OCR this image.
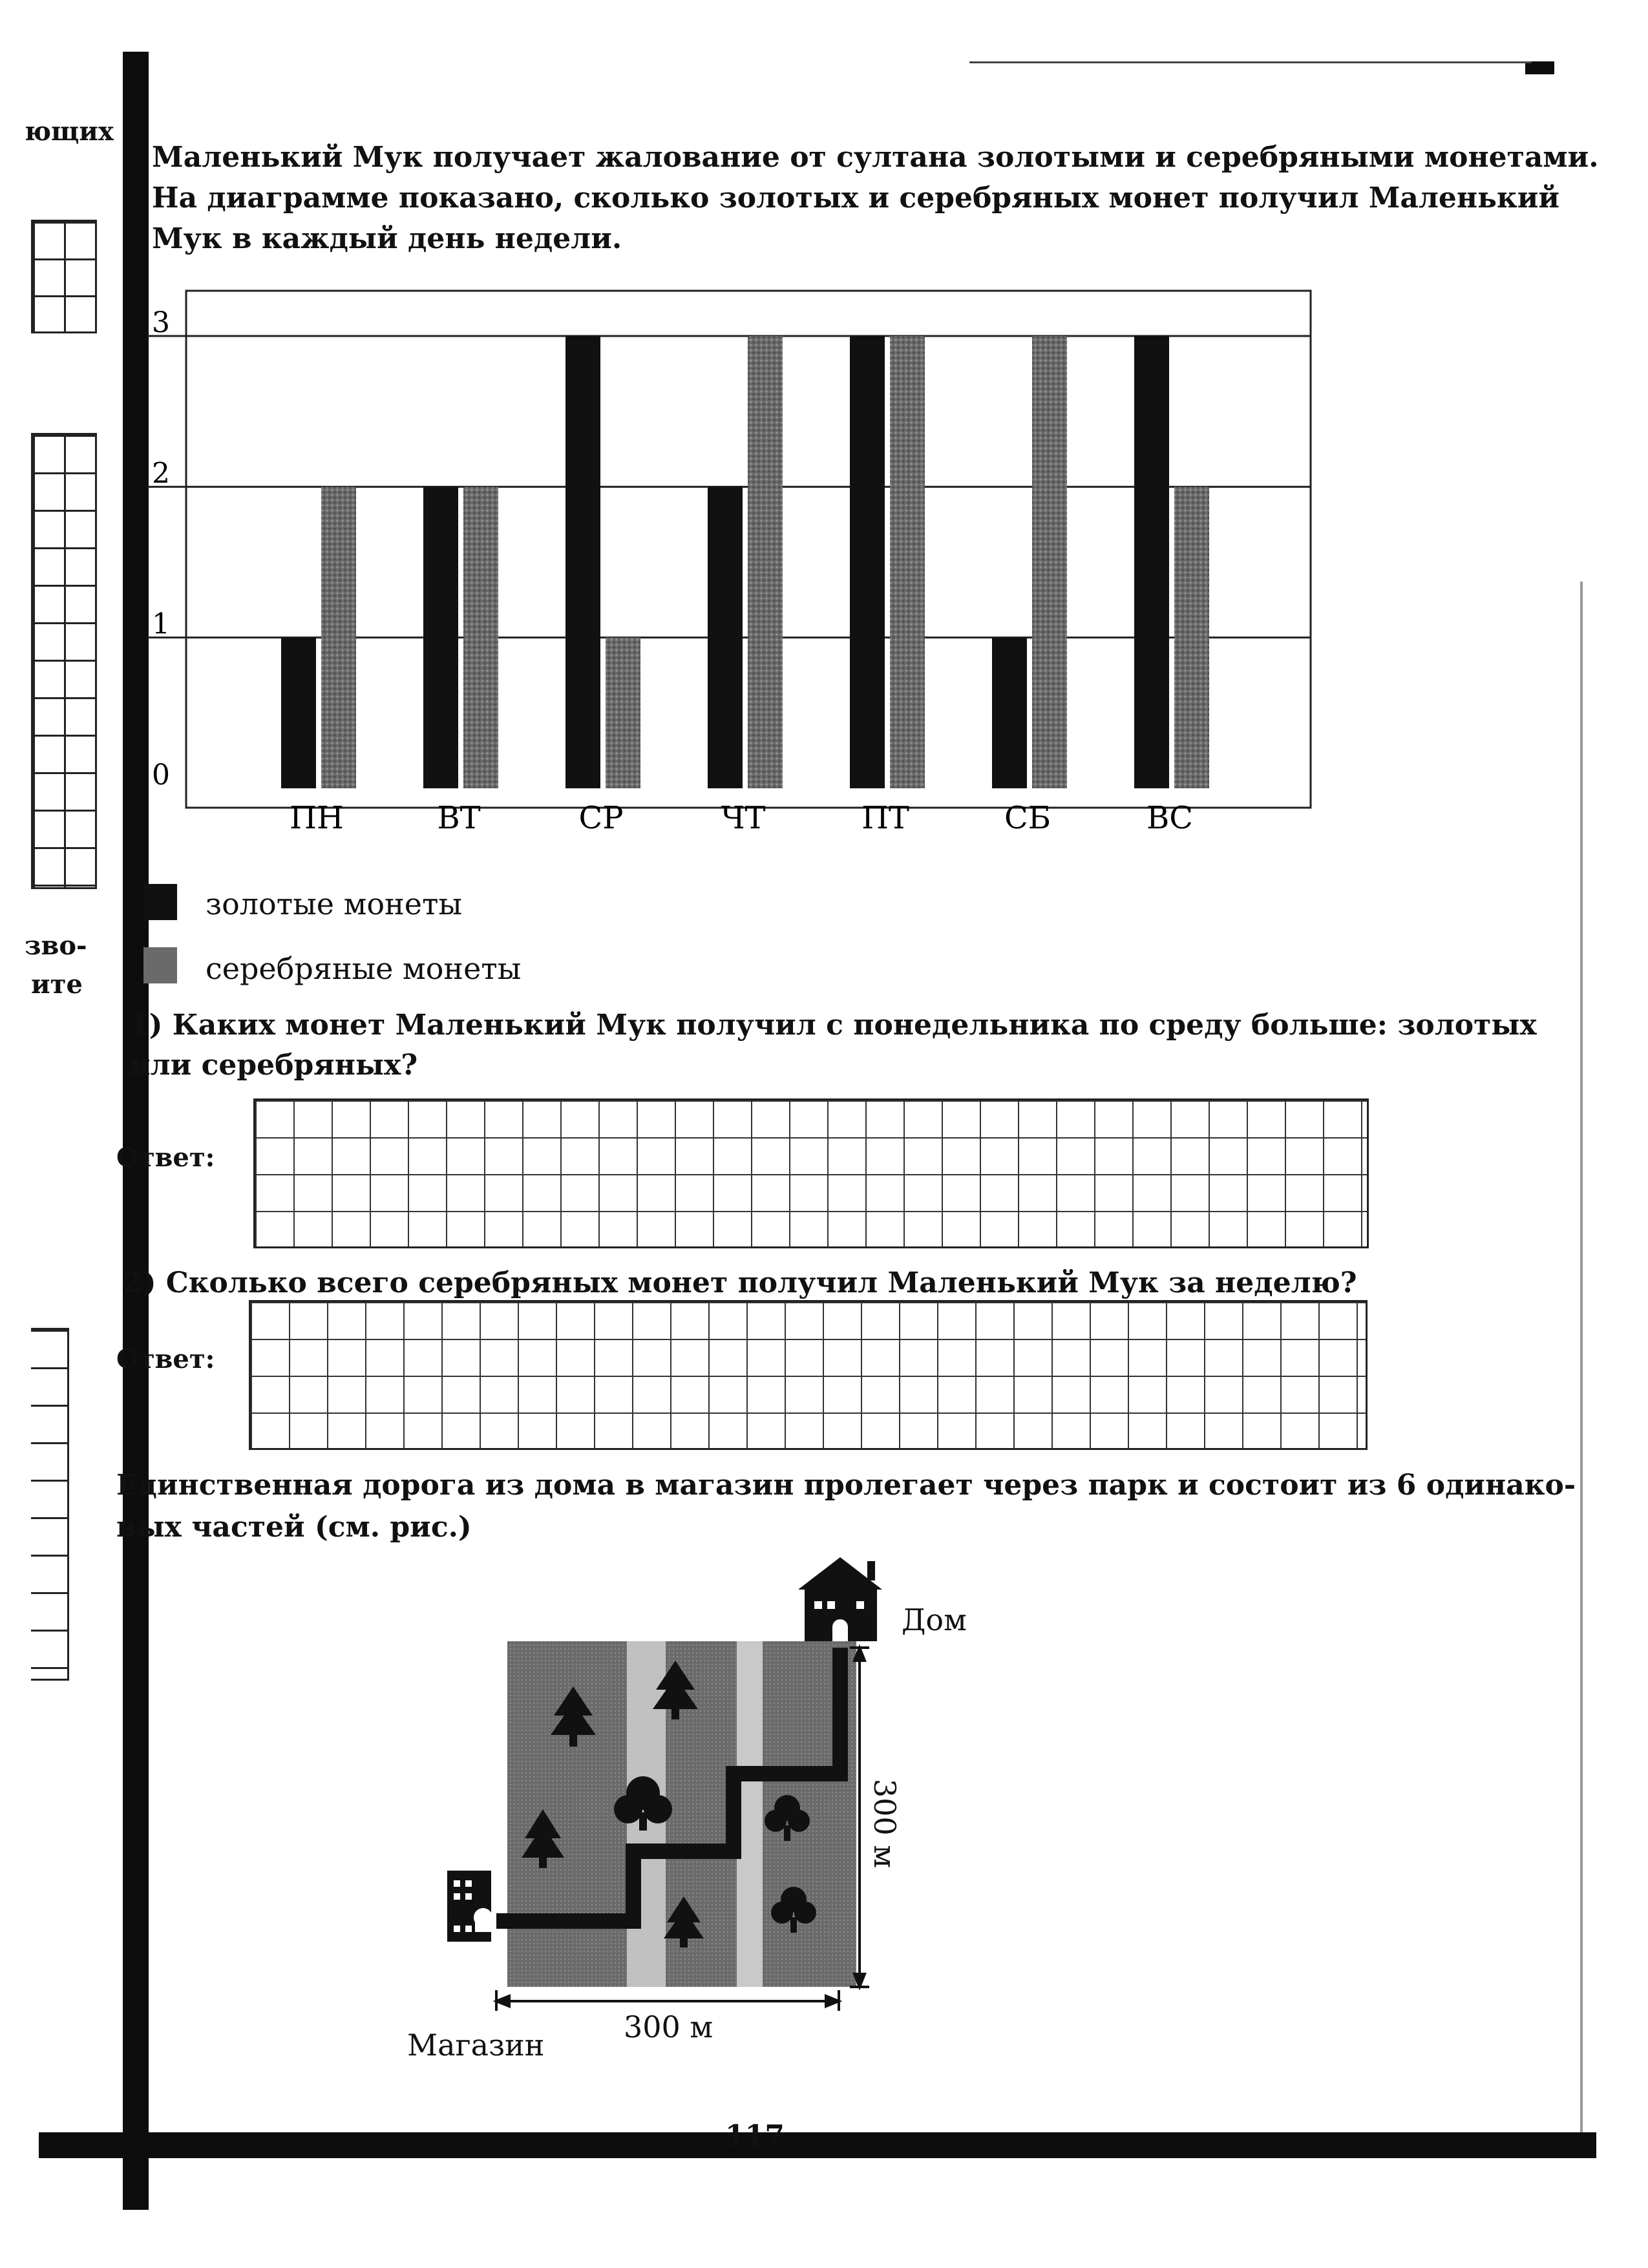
ющих
зво-
ите
Маленький Мук получает жалование от султана золотыми и серебряными монетами.
На диаграмме показано, сколько золотых и серебряных монет получил Маленький
Мук в каждый день недели.
0
1
2
3
ПН	ВТ	СР	ЧТ	ПТ	СБ	ВС
золотые монеты
серебряные монеты
1) Каких монет Маленький Мук получил с понедельника по среду больше: золотых
или серебряных?
Ответ:
2) Сколько всего серебряных монет получил Маленький Мук за неделю?
Ответ:
Единственная дорога из дома в магазин пролегает через парк и состоит из 6 одинако-
вых частей (см. рис.)
Дом
Магазин
300 м
300 м
117
